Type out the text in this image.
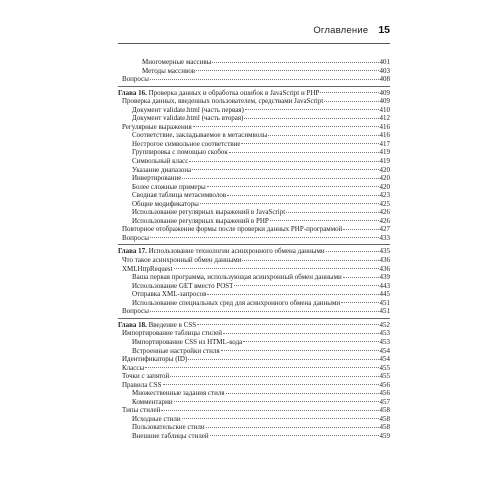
Оглавление 15
Многомерные массивы	401
Методы массивов	403
Вопросы	408
Глава 16. Проверка данных и обработка ошибок в JavaScript и PHP	409
Проверка данных, введенных пользователем, средствами JavaScript	409
Документ validate.html (часть первая)	410
Документ validate.html (часть вторая)	412
Регулярные выражения	416
Соответствие, закладываемое в метасимволы	416
Нестрогое символьное соответствие	417
Группировка с помощью скобок	419
Символьный класс	419
Указание диапазона	420
Инвертирование	420
Более сложные примеры	420
Сводная таблица метасимволов	423
Общие модификаторы	425
Использование регулярных выражений в JavaScript	426
Использование регулярных выражений в PHP	426
Повторное отображение формы после проверки данных PHP-программой	427
Вопросы	433
Глава 17. Использование технологии асинхронного обмена данными	435
Что такое асинхронный обмен данными	436
XMLHttpRequest	436
Ваша первая программа, использующая асинхронный обмен данными	439
Использование GET вместо POST	443
Отправка XML-запросов	445
Использование специальных сред для асинхронного обмена данными	451
Вопросы	451
Глава 18. Введение в CSS	452
Импортирование таблицы стилей	453
Импортирование CSS из HTML-кода	453
Встроенные настройки стиля	454
Идентификаторы (ID)	454
Классы	455
Точки с запятой	455
Правила CSS	456
Множественные задания стиля	456
Комментарии	457
Типы стилей	458
Исходные стили	458
Пользовательские стили	458
Внешние таблицы стилей	459
